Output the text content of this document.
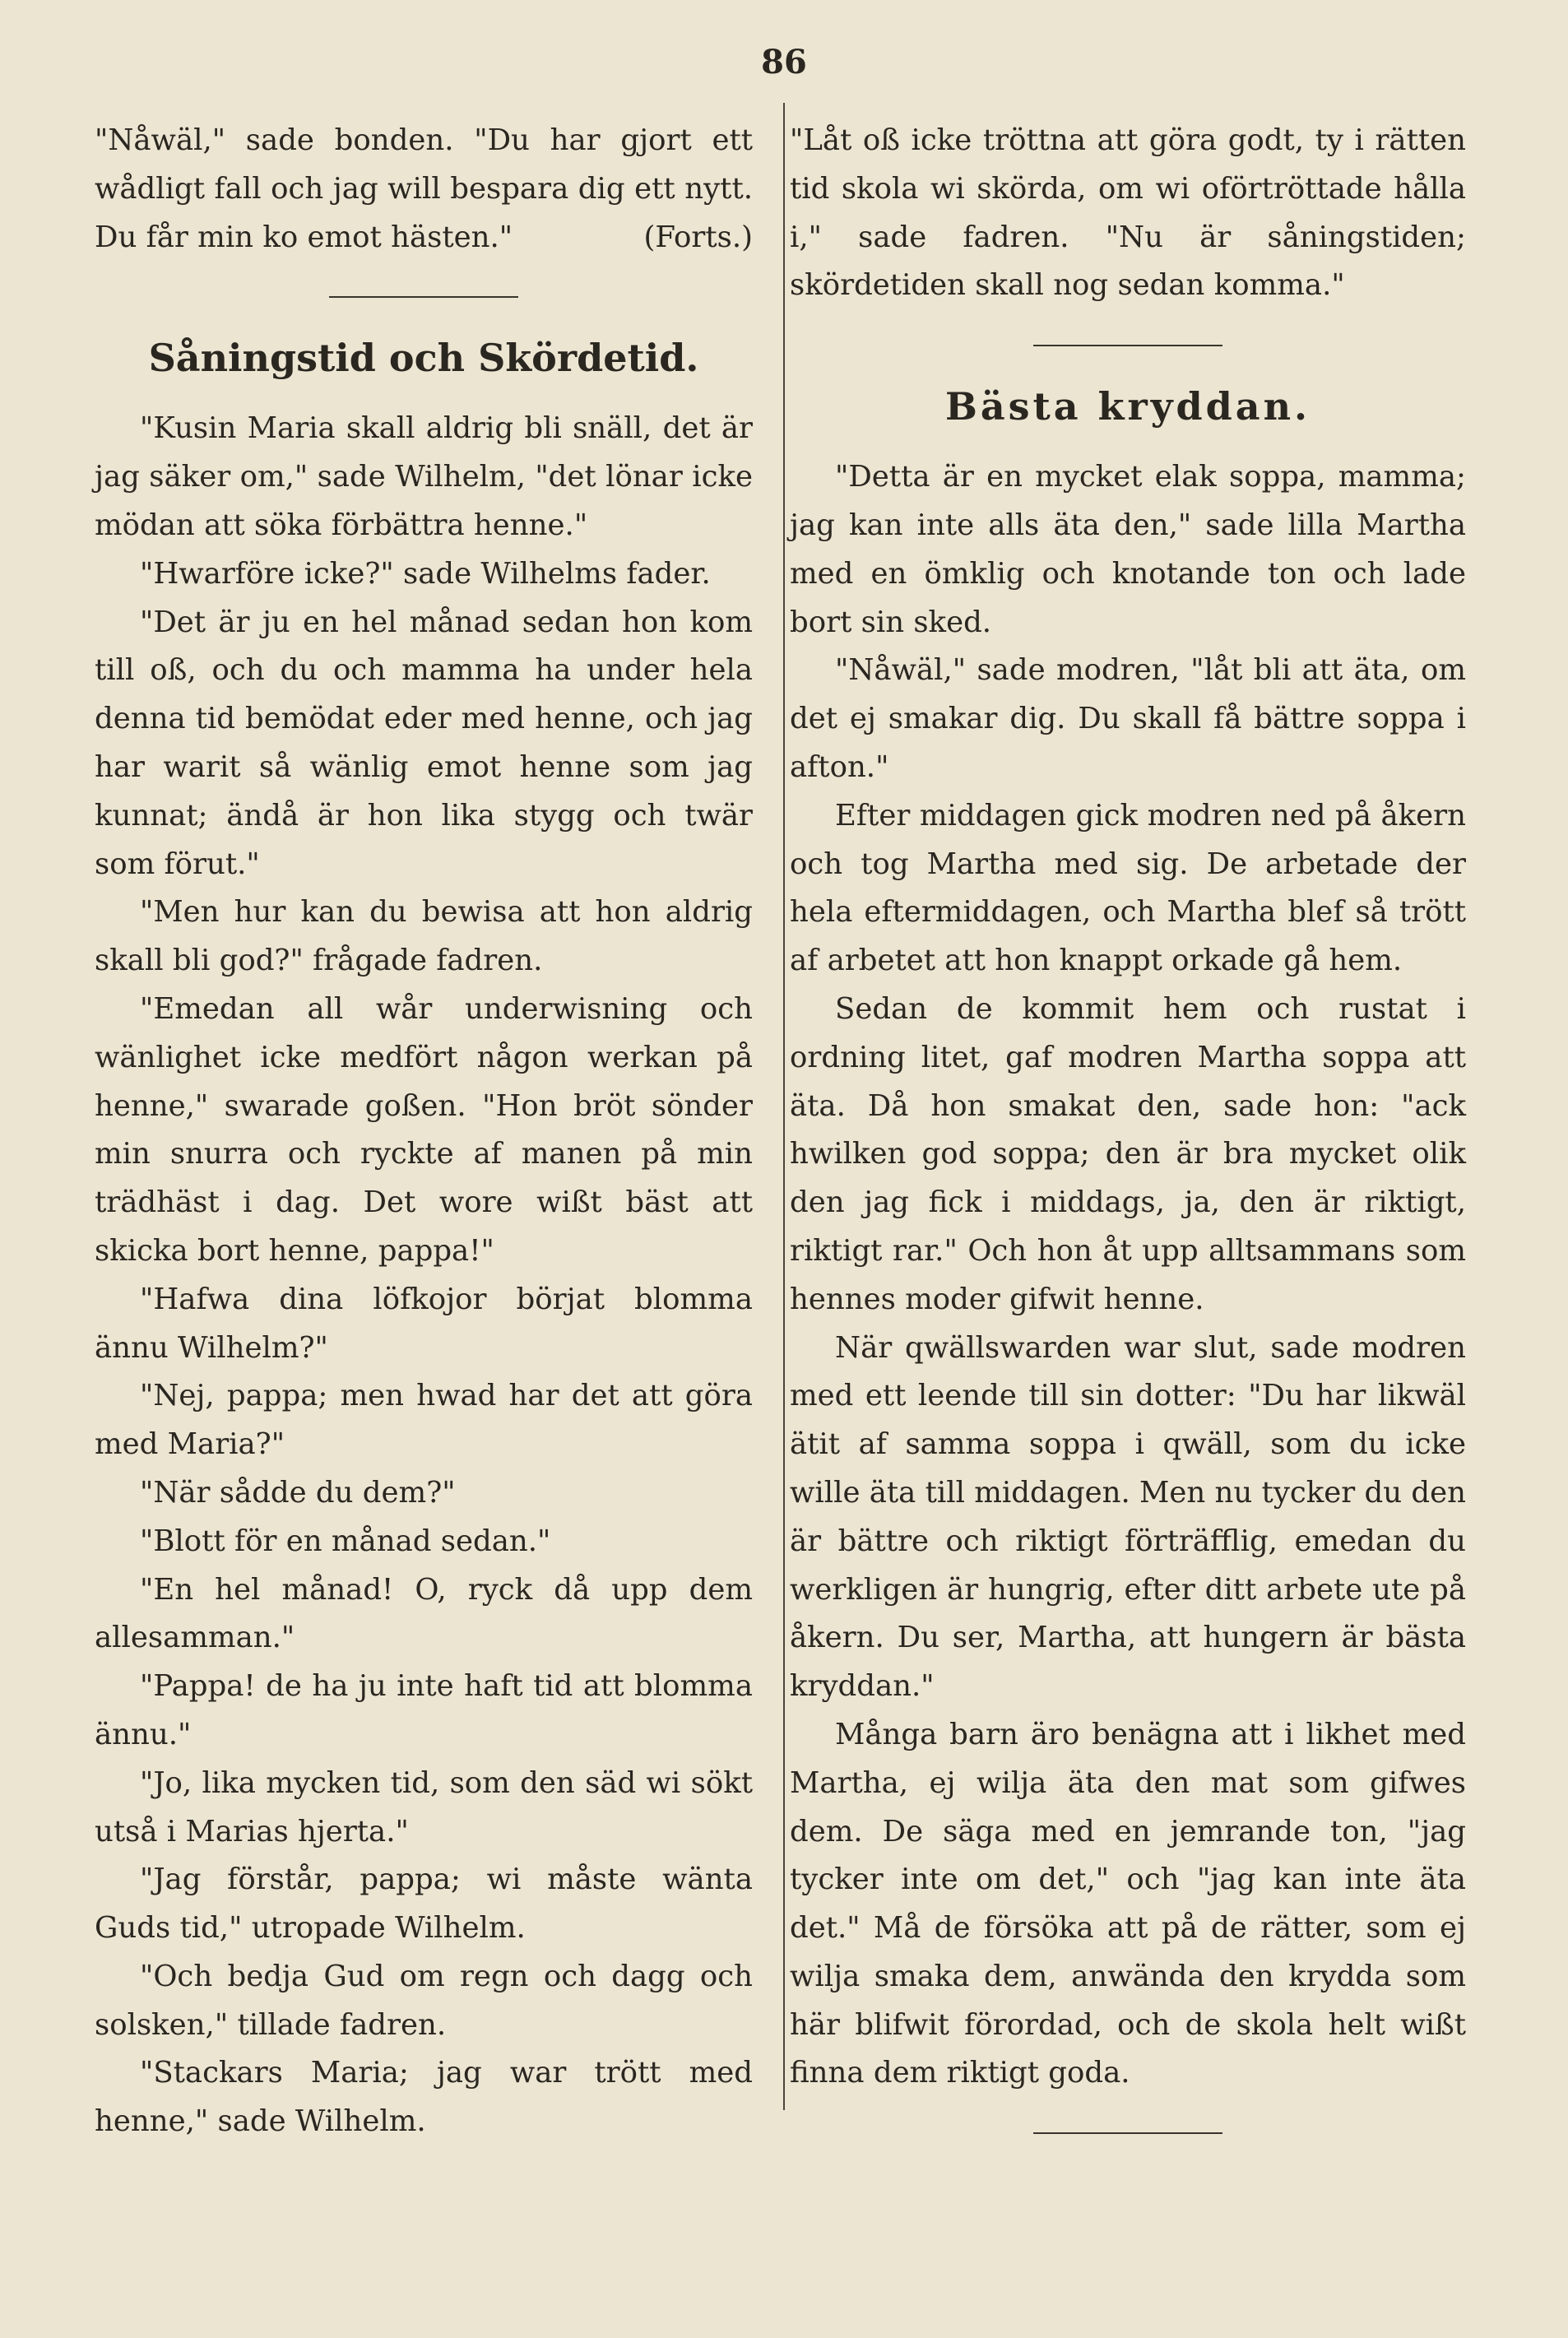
86

"Nåwäl," sade bonden. "Du har gjort ett wådligt fall och jag will bespara dig ett nytt. Du får min ko emot hästen."	(Forts.)

Såningstid och Skördetid.

"Kusin Maria skall aldrig bli snäll, det är jag säker om," sade Wilhelm, "det lönar icke mödan att söka förbättra henne."

"Hwarföre icke?" sade Wilhelms fader.

"Det är ju en hel månad sedan hon kom till oß, och du och mamma ha under hela denna tid bemödat eder med henne, och jag har warit så wänlig emot henne som jag kunnat; ändå är hon lika stygg och twär som förut."

"Men hur kan du bewisa att hon aldrig skall bli god?" frågade fadren.

"Emedan all wår underwisning och wänlighet icke medfört någon werkan på henne," swarade goßen. "Hon bröt sönder min snurra och ryckte af manen på min trädhäst i dag. Det wore wißt bäst att skicka bort henne, pappa!"

"Hafwa dina löfkojor börjat blomma ännu Wilhelm?"

"Nej, pappa; men hwad har det att göra med Maria?"

"När sådde du dem?"

"Blott för en månad sedan."

"En hel månad! O, ryck då upp dem allesamman."

"Pappa! de ha ju inte haft tid att blomma ännu."

"Jo, lika mycken tid, som den säd wi sökt utså i Marias hjerta."

"Jag förstår, pappa; wi måste wänta Guds tid," utropade Wilhelm.

"Och bedja Gud om regn och dagg och solsken," tillade fadren.

"Stackars Maria; jag war trött med henne," sade Wilhelm.

"Låt oß icke tröttna att göra godt, ty i rätten tid skola wi skörda, om wi oförtröttade hålla i," sade fadren. "Nu är såningstiden; skördetiden skall nog sedan komma."

Bästa kryddan.

"Detta är en mycket elak soppa, mamma; jag kan inte alls äta den," sade lilla Martha med en ömklig och knotande ton och lade bort sin sked.

"Nåwäl," sade modren, "låt bli att äta, om det ej smakar dig. Du skall få bättre soppa i afton."

Efter middagen gick modren ned på åkern och tog Martha med sig. De arbetade der hela eftermiddagen, och Martha blef så trött af arbetet att hon knappt orkade gå hem.

Sedan de kommit hem och rustat i ordning litet, gaf modren Martha soppa att äta. Då hon smakat den, sade hon: "ack hwilken god soppa; den är bra mycket olik den jag fick i middags, ja, den är riktigt, riktigt rar." Och hon åt upp alltsammans som hennes moder gifwit henne.

När qwällswarden war slut, sade modren med ett leende till sin dotter: "Du har likwäl ätit af samma soppa i qwäll, som du icke wille äta till middagen. Men nu tycker du den är bättre och riktigt förträfflig, emedan du werkligen är hungrig, efter ditt arbete ute på åkern. Du ser, Martha, att hungern är bästa kryddan."

Många barn äro benägna att i likhet med Martha, ej wilja äta den mat som gifwes dem. De säga med en jemrande ton, "jag tycker inte om det," och "jag kan inte äta det." Må de försöka att på de rätter, som ej wilja smaka dem, anwända den krydda som här blifwit förordad, och de skola helt wißt finna dem riktigt goda.
